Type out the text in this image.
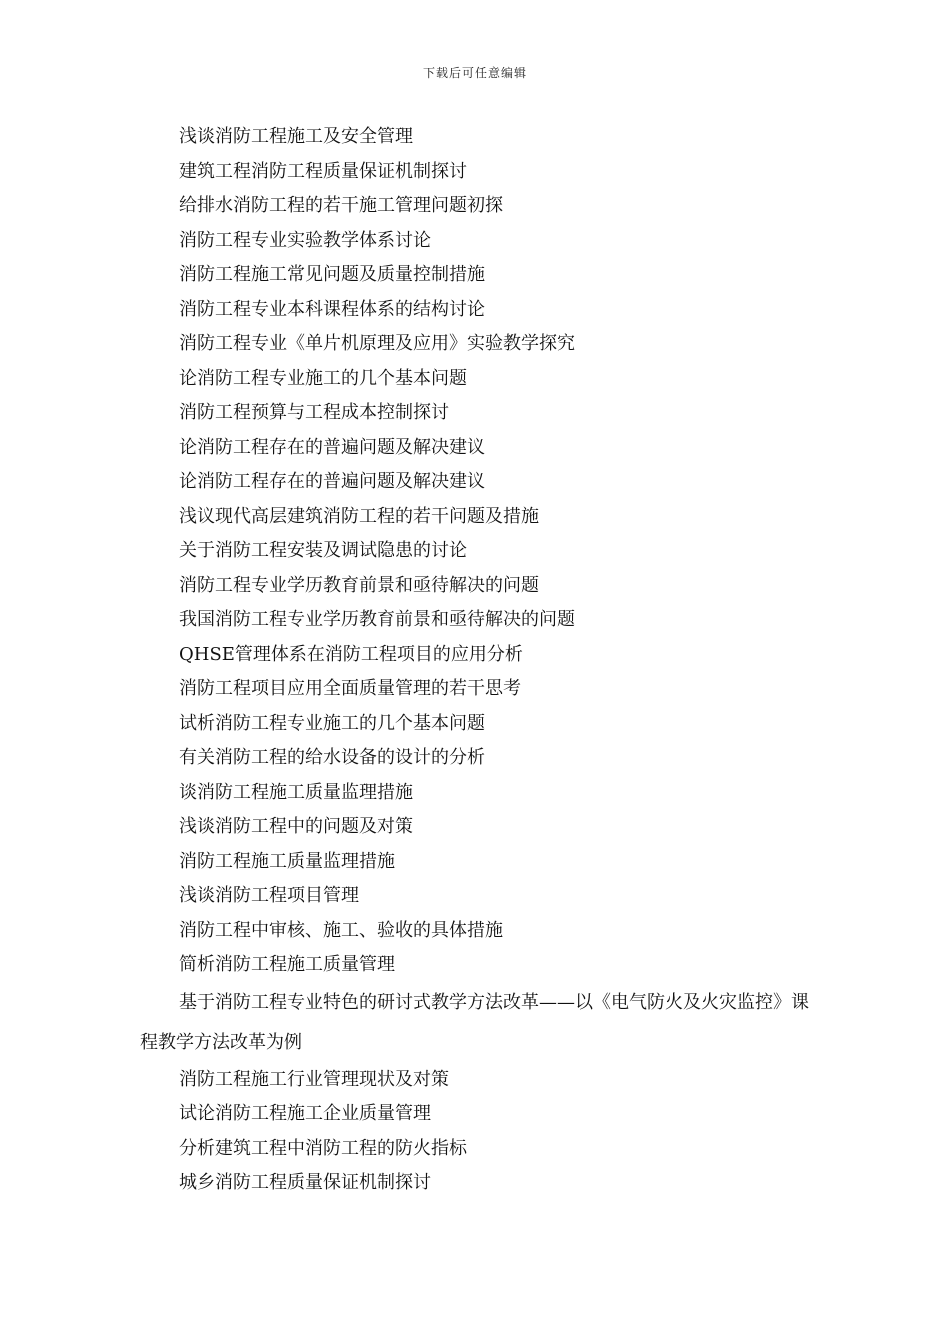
下载后可任意编辑

浅谈消防工程施工及安全管理

建筑工程消防工程质量保证机制探讨

给排水消防工程的若干施工管理问题初探

消防工程专业实验教学体系讨论

消防工程施工常见问题及质量控制措施

消防工程专业本科课程体系的结构讨论

消防工程专业《单片机原理及应用》实验教学探究

论消防工程专业施工的几个基本问题

消防工程预算与工程成本控制探讨

论消防工程存在的普遍问题及解决建议

论消防工程存在的普遍问题及解决建议

浅议现代高层建筑消防工程的若干问题及措施

关于消防工程安装及调试隐患的讨论

消防工程专业学历教育前景和亟待解决的问题

我国消防工程专业学历教育前景和亟待解决的问题

QHSE管理体系在消防工程项目的应用分析

消防工程项目应用全面质量管理的若干思考

试析消防工程专业施工的几个基本问题

有关消防工程的给水设备的设计的分析

谈消防工程施工质量监理措施

浅谈消防工程中的问题及对策

消防工程施工质量监理措施

浅谈消防工程项目管理

消防工程中审核、施工、验收的具体措施

简析消防工程施工质量管理

基于消防工程专业特色的研讨式教学方法改革——以《电气防火及火灾监控》课程教学方法改革为例

消防工程施工行业管理现状及对策

试论消防工程施工企业质量管理

分析建筑工程中消防工程的防火指标

城乡消防工程质量保证机制探讨
